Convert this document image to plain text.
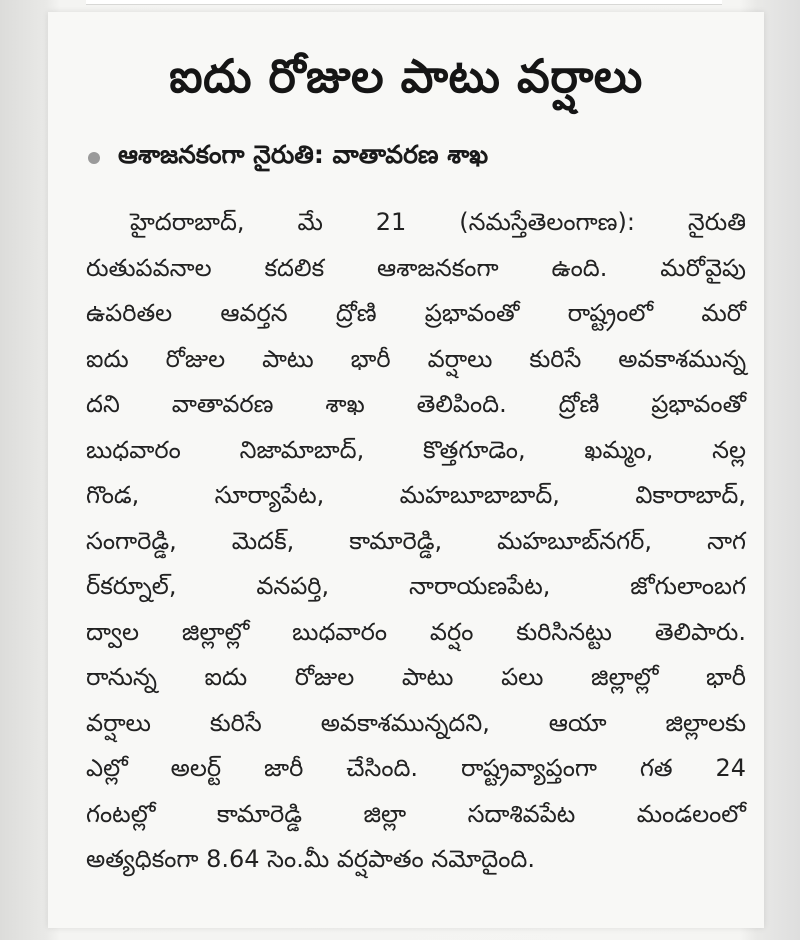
ఐదు రోజుల పాటు వర్షాలు
ఆశాజనకంగా నైరుతి: వాతావరణ శాఖ
హైదరాబాద్, మే 21 (నమస్తేతెలంగాణ): నైరుతి
రుతుపవనాల కదలిక ఆశాజనకంగా ఉంది. మరోవైపు
ఉపరితల ఆవర్తన ద్రోణి ప్రభావంతో రాష్ట్రంలో మరో
ఐదు రోజుల పాటు భారీ వర్షాలు కురిసే అవకాశమున్న
దని వాతావరణ శాఖ తెలిపింది. ద్రోణి ప్రభావంతో
బుధవారం నిజామాబాద్, కొత్తగూడెం, ఖమ్మం, నల్ల
గొండ, సూర్యాపేట, మహబూబాబాద్, వికారాబాద్,
సంగారెడ్డి, మెదక్, కామారెడ్డి, మహబూబ్‌నగర్, నాగ
ర్‌కర్నూల్, వనపర్తి, నారాయణపేట, జోగులాంబగ
ద్వాల జిల్లాల్లో బుధవారం వర్షం కురిసినట్టు తెలిపారు.
రానున్న ఐదు రోజుల పాటు పలు జిల్లాల్లో భారీ
వర్షాలు కురిసే అవకాశమున్నదని, ఆయా జిల్లాలకు
ఎల్లో అలర్ట్ జారీ చేసింది. రాష్ట్రవ్యాప్తంగా గత 24
గంటల్లో కామారెడ్డి జిల్లా సదాశివపేట మండలంలో
అత్యధికంగా 8.64 సెం.మీ వర్షపాతం నమోదైంది.
